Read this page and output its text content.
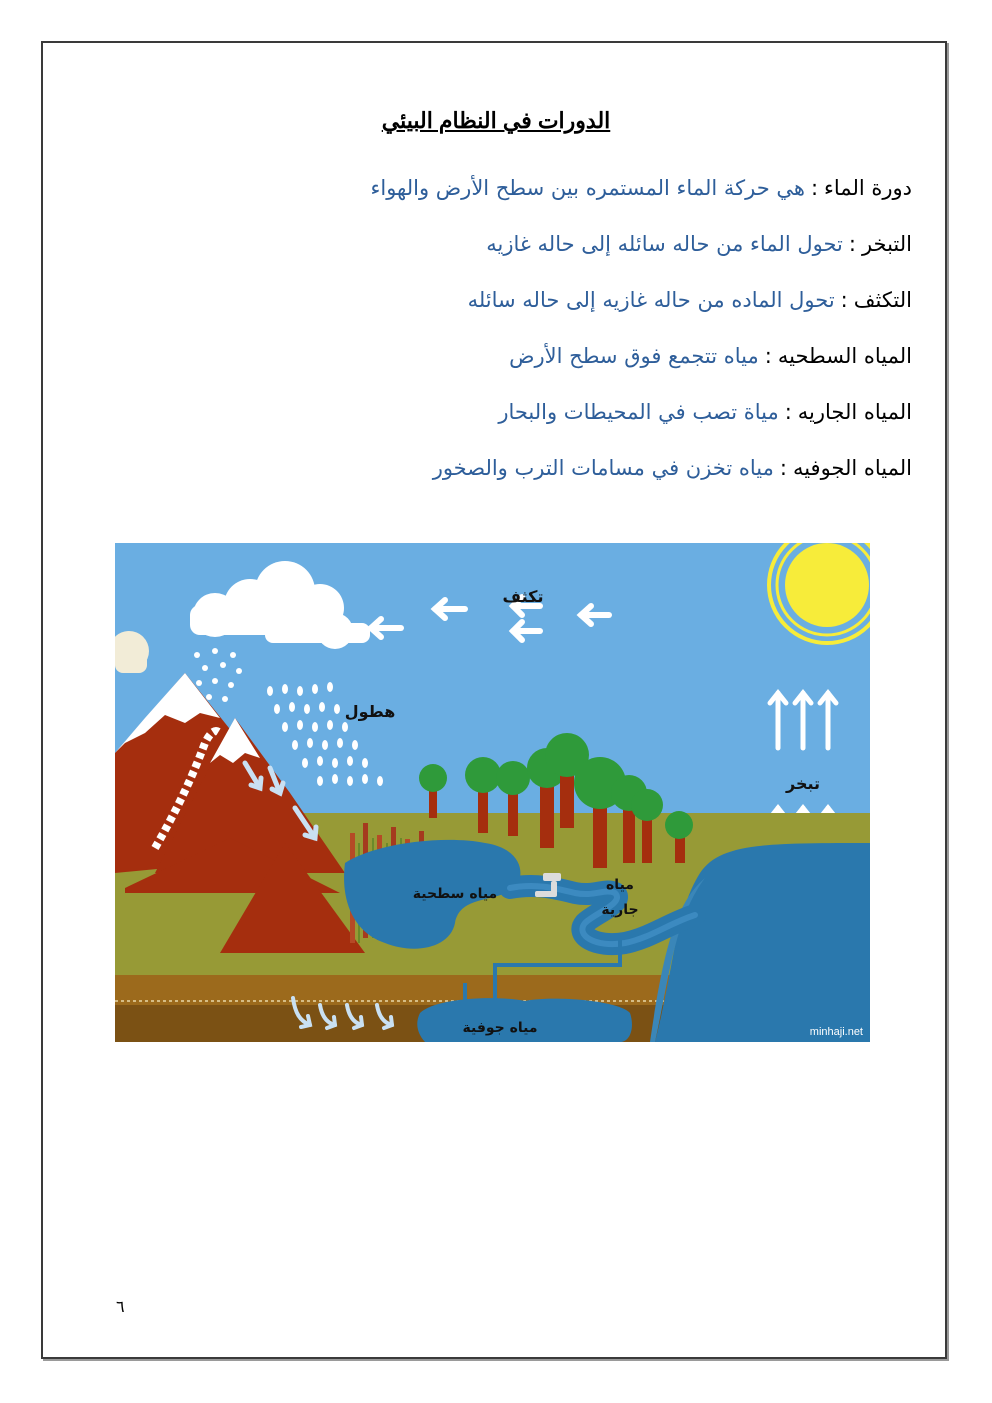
الدورات في النظام البيئي
دورة الماء:هي حركة الماء المستمره بين سطح الأرض والهواء
التبخر:تحول الماء من حاله سائله إلى حاله غازيه
التكثف:تحول الماده من حاله غازيه إلى حاله سائله
المياه السطحيه:مياه تتجمع فوق سطح الأرض
المياه الجاريه:مياة تصب في المحيطات والبحار
المياه الجوفيه:مياه تخزن في مسامات الترب والصخور
تكثف
هطول
تبخر
مياه سطحية
مياه
جارية
مياه جوفية	minhaji.net
٦
